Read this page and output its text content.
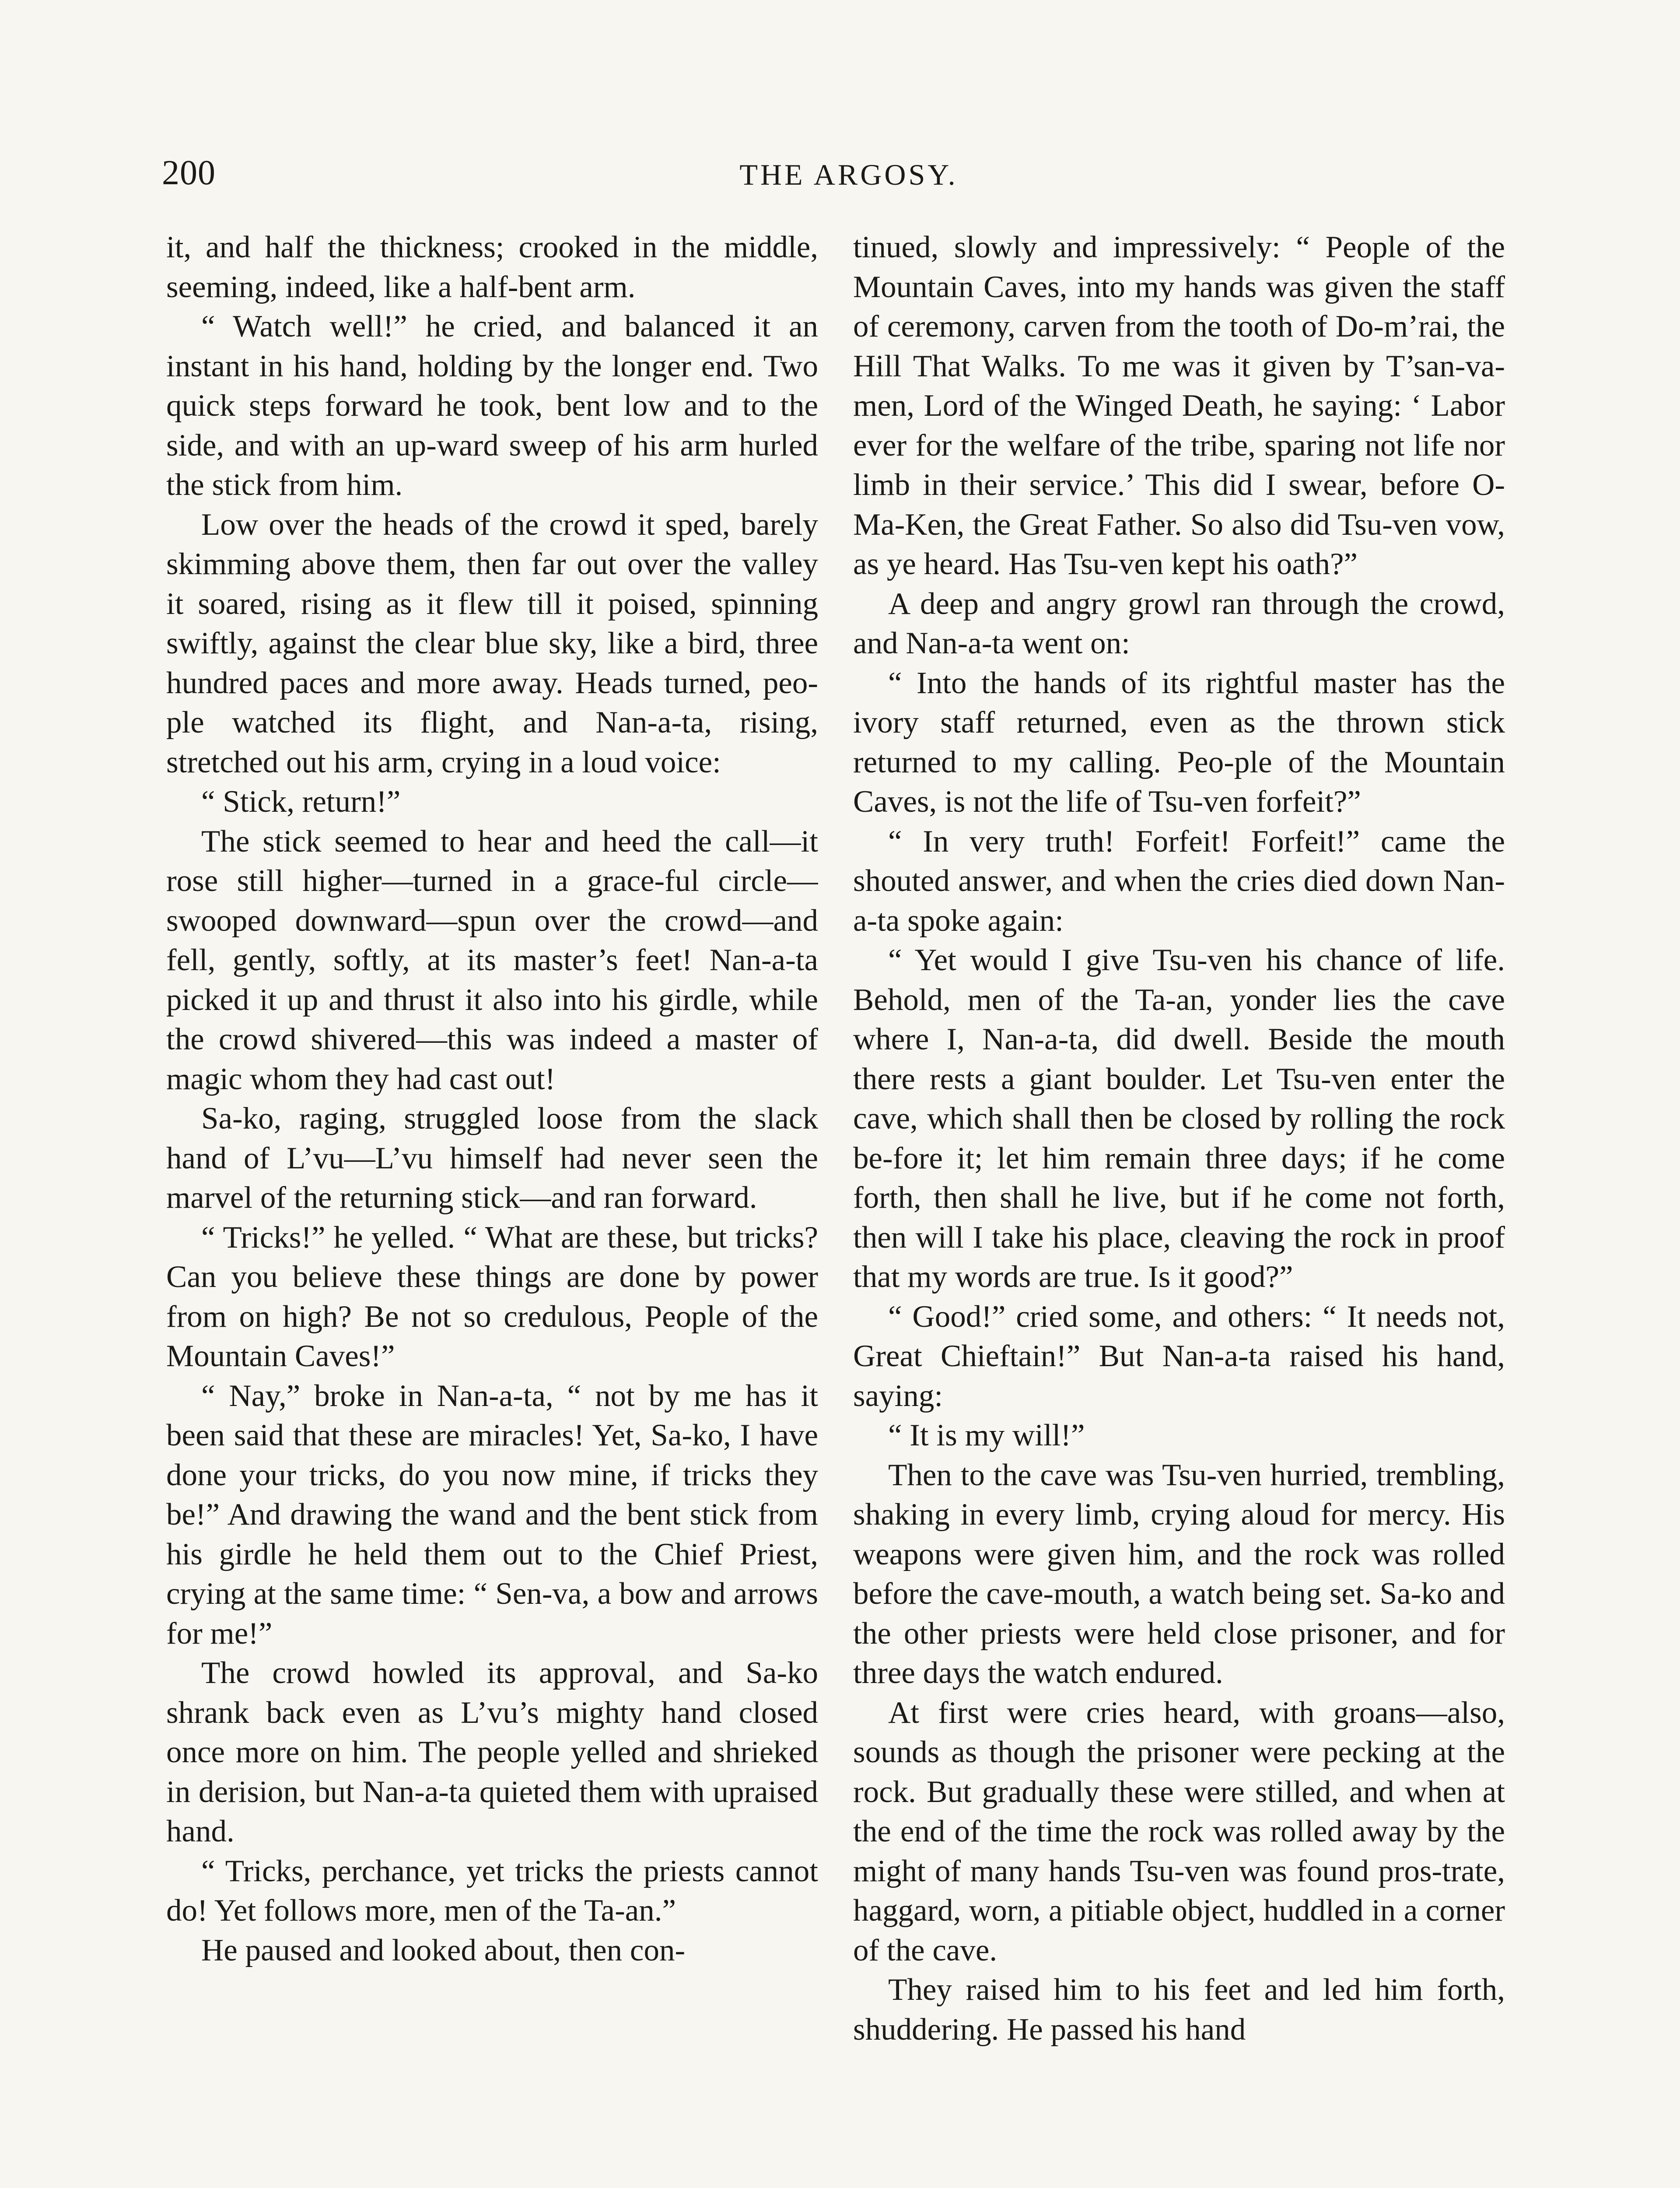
200	THE ARGOSY.

it, and half the thickness; crooked in the middle, seeming, indeed, like a half-bent arm.

“ Watch well!” he cried, and balanced it an instant in his hand, holding by the longer end. Two quick steps forward he took, bent low and to the side, and with an up-ward sweep of his arm hurled the stick from him.

Low over the heads of the crowd it sped, barely skimming above them, then far out over the valley it soared, rising as it flew till it poised, spinning swiftly, against the clear blue sky, like a bird, three hundred paces and more away. Heads turned, peo-ple watched its flight, and Nan-a-ta, rising, stretched out his arm, crying in a loud voice:

“ Stick, return!”

The stick seemed to hear and heed the call—it rose still higher—turned in a grace-ful circle—swooped downward—spun over the crowd—and fell, gently, softly, at its master’s feet! Nan-a-ta picked it up and thrust it also into his girdle, while the crowd shivered—this was indeed a master of magic whom they had cast out!

Sa-ko, raging, struggled loose from the slack hand of L’vu—L’vu himself had never seen the marvel of the returning stick—and ran forward.

“ Tricks!” he yelled. “ What are these, but tricks? Can you believe these things are done by power from on high? Be not so credulous, People of the Mountain Caves!”

“ Nay,” broke in Nan-a-ta, “ not by me has it been said that these are miracles! Yet, Sa-ko, I have done your tricks, do you now mine, if tricks they be!” And drawing the wand and the bent stick from his girdle he held them out to the Chief Priest, crying at the same time: “ Sen-va, a bow and arrows for me!”

The crowd howled its approval, and Sa-ko shrank back even as L’vu’s mighty hand closed once more on him. The people yelled and shrieked in derision, but Nan-a-ta quieted them with upraised hand.

“ Tricks, perchance, yet tricks the priests cannot do! Yet follows more, men of the Ta-an.”

He paused and looked about, then con-

tinued, slowly and impressively: “ People of the Mountain Caves, into my hands was given the staff of ceremony, carven from the tooth of Do-m’rai, the Hill That Walks. To me was it given by T’san-va-men, Lord of the Winged Death, he saying: ‘ Labor ever for the welfare of the tribe, sparing not life nor limb in their service.’ This did I swear, before O-Ma-Ken, the Great Father. So also did Tsu-ven vow, as ye heard. Has Tsu-ven kept his oath?”

A deep and angry growl ran through the crowd, and Nan-a-ta went on:

“ Into the hands of its rightful master has the ivory staff returned, even as the thrown stick returned to my calling. Peo-ple of the Mountain Caves, is not the life of Tsu-ven forfeit?”

“ In very truth! Forfeit! Forfeit!” came the shouted answer, and when the cries died down Nan-a-ta spoke again:

“ Yet would I give Tsu-ven his chance of life. Behold, men of the Ta-an, yonder lies the cave where I, Nan-a-ta, did dwell. Beside the mouth there rests a giant boulder. Let Tsu-ven enter the cave, which shall then be closed by rolling the rock be-fore it; let him remain three days; if he come forth, then shall he live, but if he come not forth, then will I take his place, cleaving the rock in proof that my words are true. Is it good?”

“ Good!” cried some, and others: “ It needs not, Great Chieftain!” But Nan-a-ta raised his hand, saying:

“ It is my will!”

Then to the cave was Tsu-ven hurried, trembling, shaking in every limb, crying aloud for mercy. His weapons were given him, and the rock was rolled before the cave-mouth, a watch being set. Sa-ko and the other priests were held close prisoner, and for three days the watch endured.

At first were cries heard, with groans—also, sounds as though the prisoner were pecking at the rock. But gradually these were stilled, and when at the end of the time the rock was rolled away by the might of many hands Tsu-ven was found pros-trate, haggard, worn, a pitiable object, huddled in a corner of the cave.

They raised him to his feet and led him forth, shuddering. He passed his hand
